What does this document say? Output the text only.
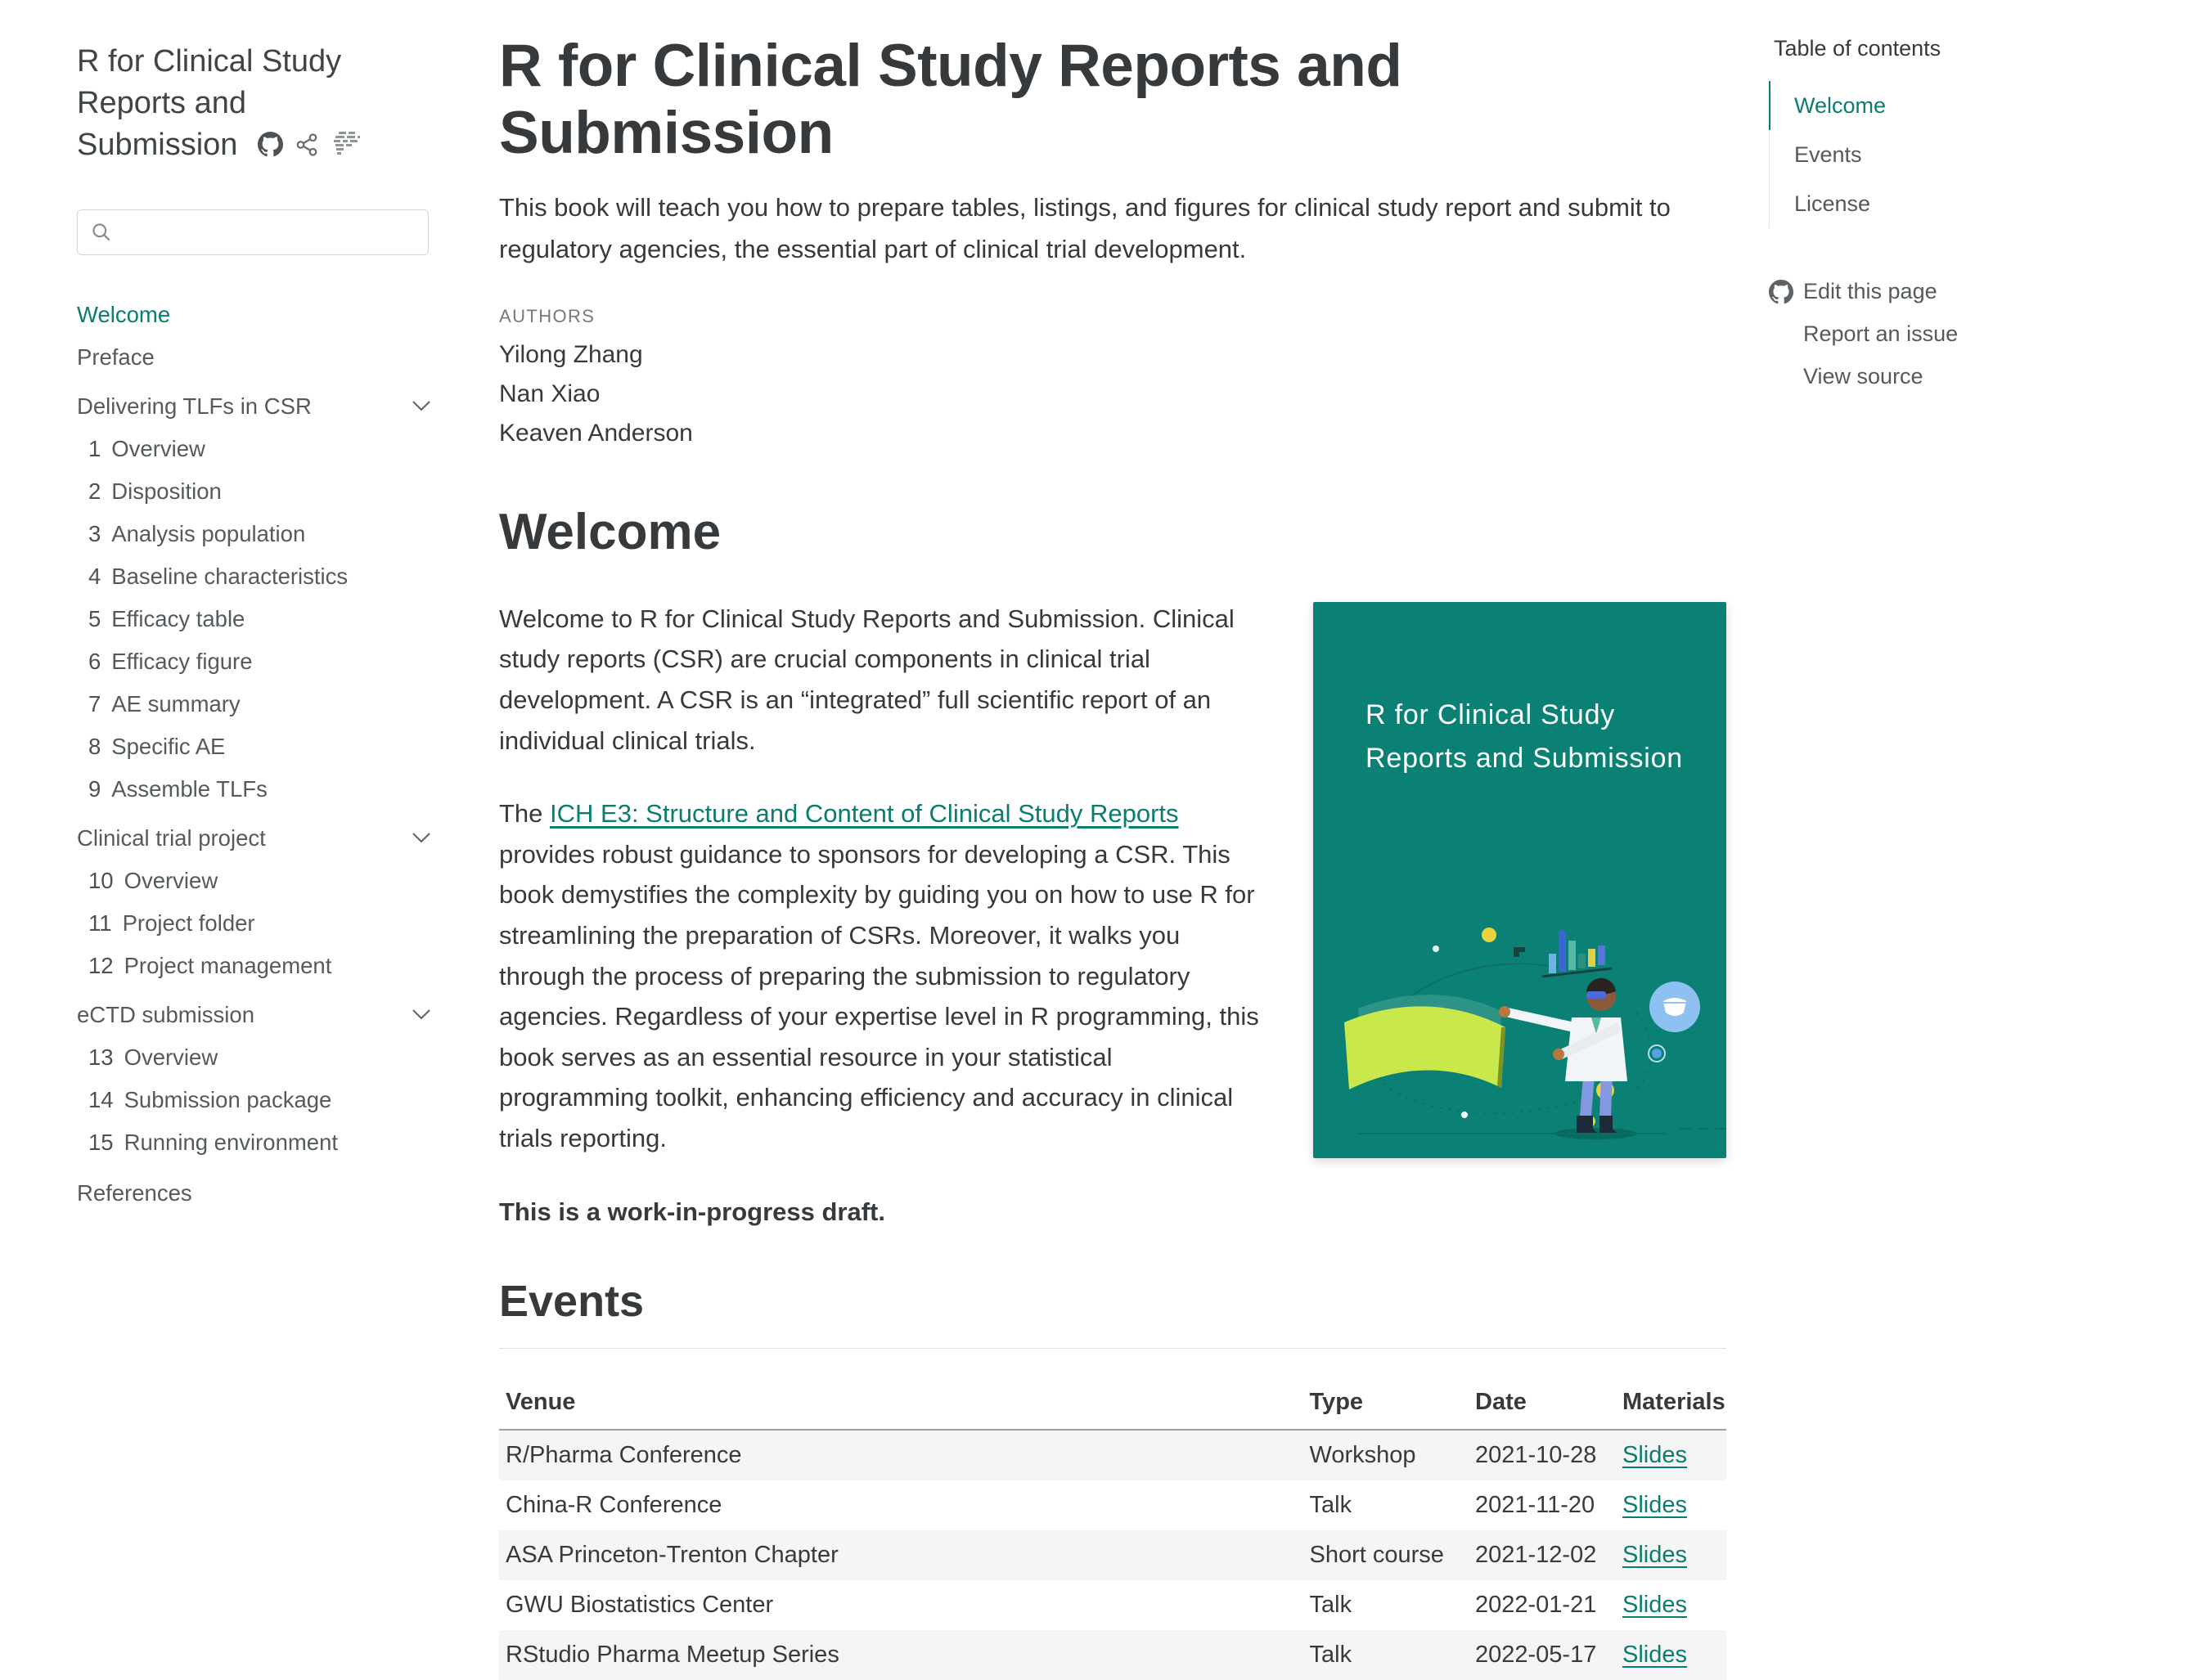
R for Clinical Study Reports and Submission
Welcome
Preface
Delivering TLFs in CSR
1 Overview
2 Disposition
3 Analysis population
4 Baseline characteristics
5 Efficacy table
6 Efficacy figure
7 AE summary
8 Specific AE
9 Assemble TLFs
Clinical trial project
10 Overview
11 Project folder
12 Project management
eCTD submission
13 Overview
14 Submission package
15 Running environment
References
R for Clinical Study Reports and Submission

This book will teach you how to prepare tables, listings, and figures for clinical study report and submit to regulatory agencies, the essential part of clinical trial development.

AUTHORS
Yilong Zhang
Nan Xiao
Keaven Anderson
Welcome
R for Clinical Study
Reports and Submission

Welcome to R for Clinical Study Reports and Submission. Clinical study reports (CSR) are crucial components in clinical trial development. A CSR is an “integrated” full scientific report of an individual clinical trials.

The ICH E3: Structure and Content of Clinical Study Reports provides robust guidance to sponsors for developing a CSR. This book demystifies the complexity by guiding you on how to use R for streamlining the preparation of CSRs. Moreover, it walks you through the process of preparing the submission to regulatory agencies. Regardless of your expertise level in R programming, this book serves as an essential resource in your statistical programming toolkit, enhancing efficiency and accuracy in clinical trials reporting.

This is a work-in-progress draft.

Events
Venue	Type	Date	Materials
R/Pharma Conference	Workshop	2021-10-28	Slides
China-R Conference	Talk	2021-11-20	Slides
ASA Princeton-Trenton Chapter	Short course	2021-12-02	Slides
GWU Biostatistics Center	Talk	2022-01-21	Slides
RStudio Pharma Meetup Series	Talk	2022-05-17	Slides
Table of contents
Welcome
Events
License
Edit this page
Report an issue
View source
